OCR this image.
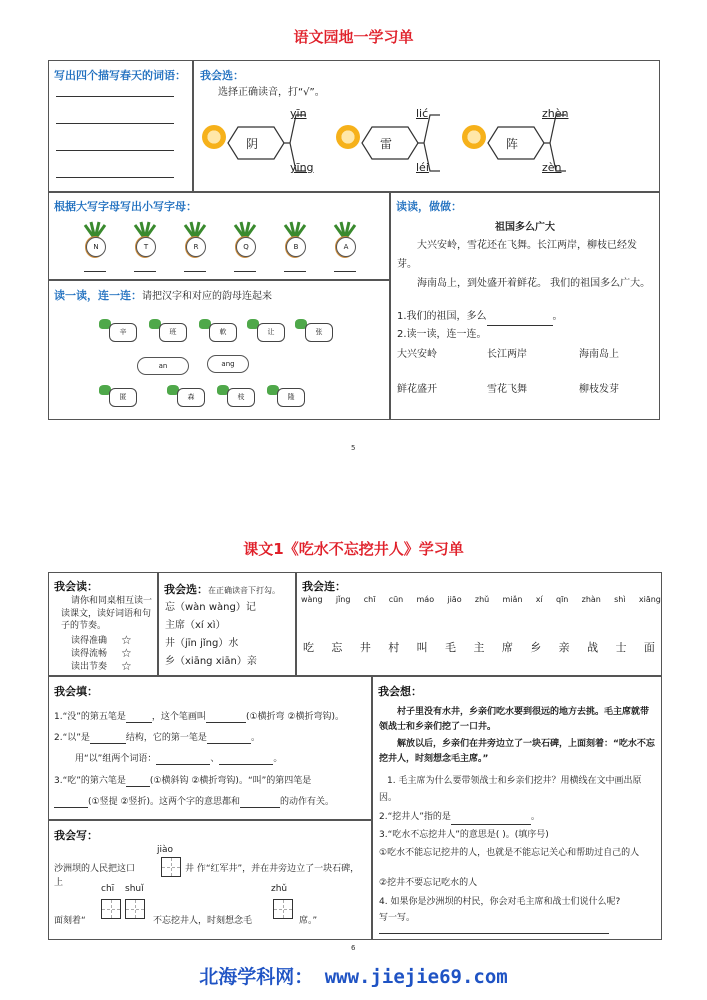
语文园地一学习单
写出四个描写春天的词语： 我会选：
选择正确读音，打“√”。
阴
yīn
yīng
雷
lić
léi
阵
zhèn
zèn
根据大写字母写出小写字母：
N	T	R	Q	B	A
读读，做做：
祖国多么广大
大兴安岭，雪花还在飞舞。长江两岸，柳枝已经发芽。
海南岛上，到处盛开着鲜花。 我们的祖国多么广大。
1.我们的祖国，多么	。
2.读一读，连一连。
大兴安岭	长江两岸	海南岛上
鲜花盛开	雪花飞舞	柳枝发芽
读一读，连一连：请把汉字和对应的韵母连起来
辛	班	軟	让	张
an	ang
匿	森	枝	隆
5
课文1《吃水不忘挖井人》学习单
我会读：
请你和同桌相互读一读课文，读好词语和句子的节奏。
读得准确 ☆
读得流畅 ☆
读出节奏 ☆
我会选：在正确读音下打勾。
忘（wàn wàng）记
主席（xí xì）
井（jīn jǐng）水
乡（xiāng xiān）亲
我会连：
wàng jǐng chī cūn máo jiāo zhǔ miǎn xí qīn zhàn shì xiāng
吃 忘 井 村 叫 毛 主 席 乡 亲 战 士 面
我会填：
1.“没”的第五笔是	，这个笔画叫	(①横折弯 ②横折弯钩)。
2.“以”是	结构，它的第一笔是	。
用“以”组两个词语：	、	。
3.“吃”的第六笔是	(①横斜钩 ②横折弯钩)。“叫”的第四笔是
(①竖提 ②竖折)。这两个字的意思都和	的动作有关。
我会想：
村子里没有水井，乡亲们吃水要到很远的地方去挑。毛主席就带领战士和乡亲们挖了一口井。
解放以后，乡亲们在井旁边立了一块石碑，上面刻着：“吃水不忘挖井人，时刻想念毛主席。”
1. 毛主席为什么要带领战士和乡亲们挖井？用横线在文中画出原因。
2.“挖井人”指的是	。
3.“吃水不忘挖井人”的意思是( )。(填序号)
①吃水不能忘记挖井的人，也就是不能忘记关心和帮助过自己的人
②挖井不要忘记吃水的人
4. 如果你是沙洲坝的村民，你会对毛主席和战士们说什么呢?写一写。
我会写：
jiào
沙洲坝的人民把这口	井 作“红军井”，并在井旁边立了一块石碑，
上
chī shuǐ	zhǔ
面刻着“	不忘挖井人，时刻想念毛	席。”
6
北海学科网： www.jiejie69.com
